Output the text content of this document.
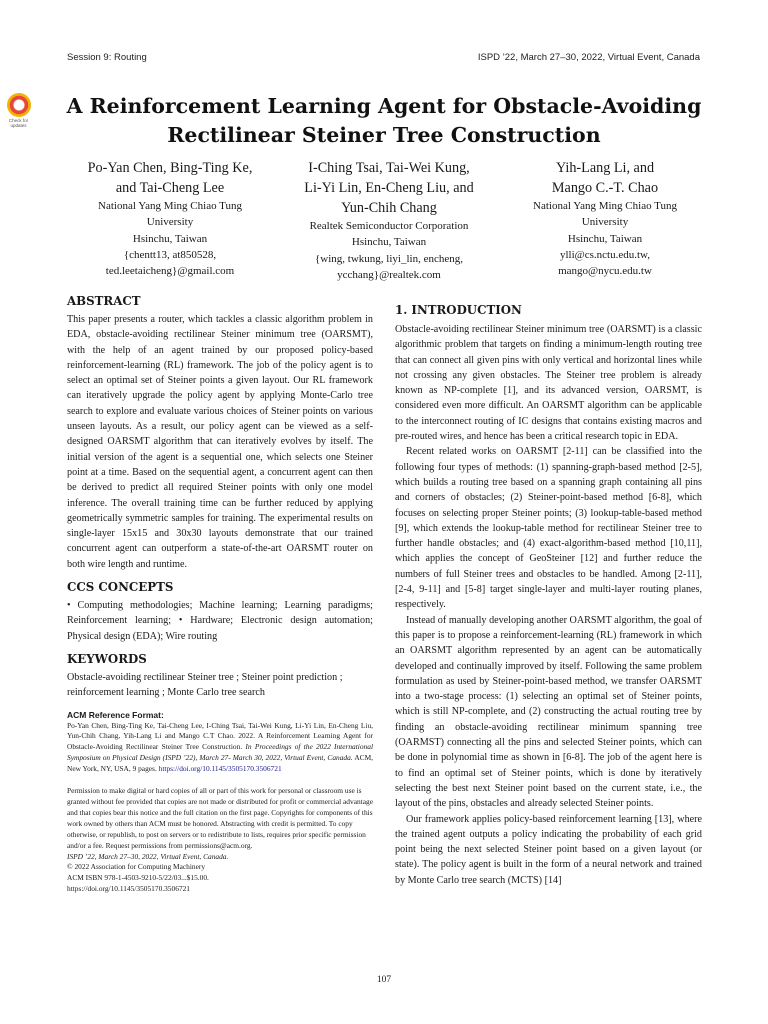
Session 9: Routing	ISPD ’22, March 27–30, 2022, Virtual Event, Canada
Check for
updates
A Reinforcement Learning Agent for Obstacle-Avoiding
Rectilinear Steiner Tree Construction
Po-Yan Chen, Bing-Ting Ke,
and Tai-Cheng Lee
National Yang Ming Chiao Tung
University
Hsinchu, Taiwan
{chentt13, at850528,
ted.leetaicheng}@gmail.com
I-Ching Tsai, Tai-Wei Kung,
Li-Yi Lin, En-Cheng Liu, and
Yun-Chih Chang
Realtek Semiconductor Corporation
Hsinchu, Taiwan
{wing, twkung, liyi_lin, encheng,
ycchang}@realtek.com
Yih-Lang Li, and
Mango C.-T. Chao
National Yang Ming Chiao Tung
University
Hsinchu, Taiwan
ylli@cs.nctu.edu.tw,
mango@nycu.edu.tw
ABSTRACT

This paper presents a router, which tackles a classic algorithm problem in EDA, obstacle-avoiding rectilinear Steiner minimum tree (OARSMT), with the help of an agent trained by our proposed policy-based reinforcement-learning (RL) framework. The job of the policy agent is to select an optimal set of Steiner points a given layout. Our RL framework can iteratively upgrade the policy agent by applying Monte-Carlo tree search to explore and evaluate various choices of Steiner points on various unseen layouts. As a result, our policy agent can be viewed as a self-designed OARSMT algorithm that can iteratively evolves by itself. The initial version of the agent is a sequential one, which selects one Steiner point at a time. Based on the sequential agent, a concurrent agent can then be derived to predict all required Steiner points with only one model inference. The overall training time can be further reduced by applying geometrically symmetric samples for training. The experimental results on single-layer 15x15 and 30x30 layouts demonstrate that our trained concurrent agent can outperform a state-of-the-art OARSMT router on both wire length and runtime.

CCS CONCEPTS

• Computing methodologies; Machine learning; Learning paradigms; Reinforcement learning; • Hardware; Electronic design automation; Physical design (EDA); Wire routing

KEYWORDS

Obstacle-avoiding rectilinear Steiner tree ; Steiner point prediction ; reinforcement learning ; Monte Carlo tree search

ACM Reference Format:

Po-Yan Chen, Bing-Ting Ke, Tai-Cheng Lee, I-Ching Tsai, Tai-Wei Kung, Li-Yi Lin, En-Cheng Liu, Yun-Chih Chang, Yih-Lang Li and Mango C.T Chao. 2022. A Reinforcement Learning Agent for Obstacle-Avoiding Rectilinear Steiner Tree Construction. In Proceedings of the 2022 International Symposium on Physical Design (ISPD ’22), March 27- March 30, 2022, Virtual Event, Canada. ACM, New York, NY, USA, 9 pages. https://doi.org/10.1145/3505170.3506721

Permission to make digital or hard copies of all or part of this work for personal or classroom use is granted without fee provided that copies are not made or distributed for profit or commercial advantage and that copies bear this notice and the full citation on the first page. Copyrights for components of this work owned by others than ACM must be honored. Abstracting with credit is permitted. To copy otherwise, or republish, to post on servers or to redistribute to lists, requires prior specific permission and/or a fee. Request permissions from permissions@acm.org.

ISPD ’22, March 27–30, 2022, Virtual Event, Canada.
© 2022 Association for Computing Machinery
ACM ISBN 978-1-4503-9210-5/22/03...$15.00.
https://doi.org/10.1145/3505170.3506721

1. INTRODUCTION

Obstacle-avoiding rectilinear Steiner minimum tree (OARSMT) is a classic algorithmic problem that targets on finding a minimum-length routing tree that can connect all given pins with only vertical and horizontal lines while not crossing any given obstacles. The Steiner tree problem is already known as NP-complete [1], and its advanced version, OARSMT, is considered even more difficult. An OARSMT algorithm can be applicable to the interconnect routing of IC designs that contains existing macros and pre-routed wires, and hence has been a critical research topic in EDA.

Recent related works on OARSMT [2-11] can be classified into the following four types of methods: (1) spanning-graph-based method [2-5], which builds a routing tree based on a spanning graph containing all pins and corners of obstacles; (2) Steiner-point-based method [6-8], which focuses on selecting proper Steiner points; (3) lookup-table-based method [9], which extends the lookup-table method for rectilinear Steiner tree to further handle obstacles; and (4) exact-algorithm-based method [10,11], which applies the concept of GeoSteiner [12] and further reduce the numbers of full Steiner trees and obstacles to be handled. Among [2-11], [2-4, 9-11] and [5-8] target single-layer and multi-layer routing planes, respectively.

Instead of manually developing another OARSMT algorithm, the goal of this paper is to propose a reinforcement-learning (RL) framework in which an OARSMT algorithm represented by an agent can be automatically developed and continually improved by itself. Following the same problem formulation as used by Steiner-point-based method, we transfer OARSMT into a two-stage process: (1) selecting an optimal set of Steiner points, which is still NP-complete, and (2) constructing the actual routing tree by finding an obstacle-avoiding rectilinear minimum spanning tree (OARMST) connecting all the pins and selected Steiner points, which can be done in polynomial time as shown in [6-8]. The job of the agent here is to find an optimal set of Steiner points, which is done by iteratively selecting the best next Steiner point based on the current state, i.e., the layout of the pins, obstacles and already selected Steiner points.

Our framework applies policy-based reinforcement learning [13], where the trained agent outputs a policy indicating the probability of each grid point being the next selected Steiner point based on a given layout (or state). The policy agent is built in the form of a neural network and trained by Monte Carlo tree search (MCTS) [14]

107
